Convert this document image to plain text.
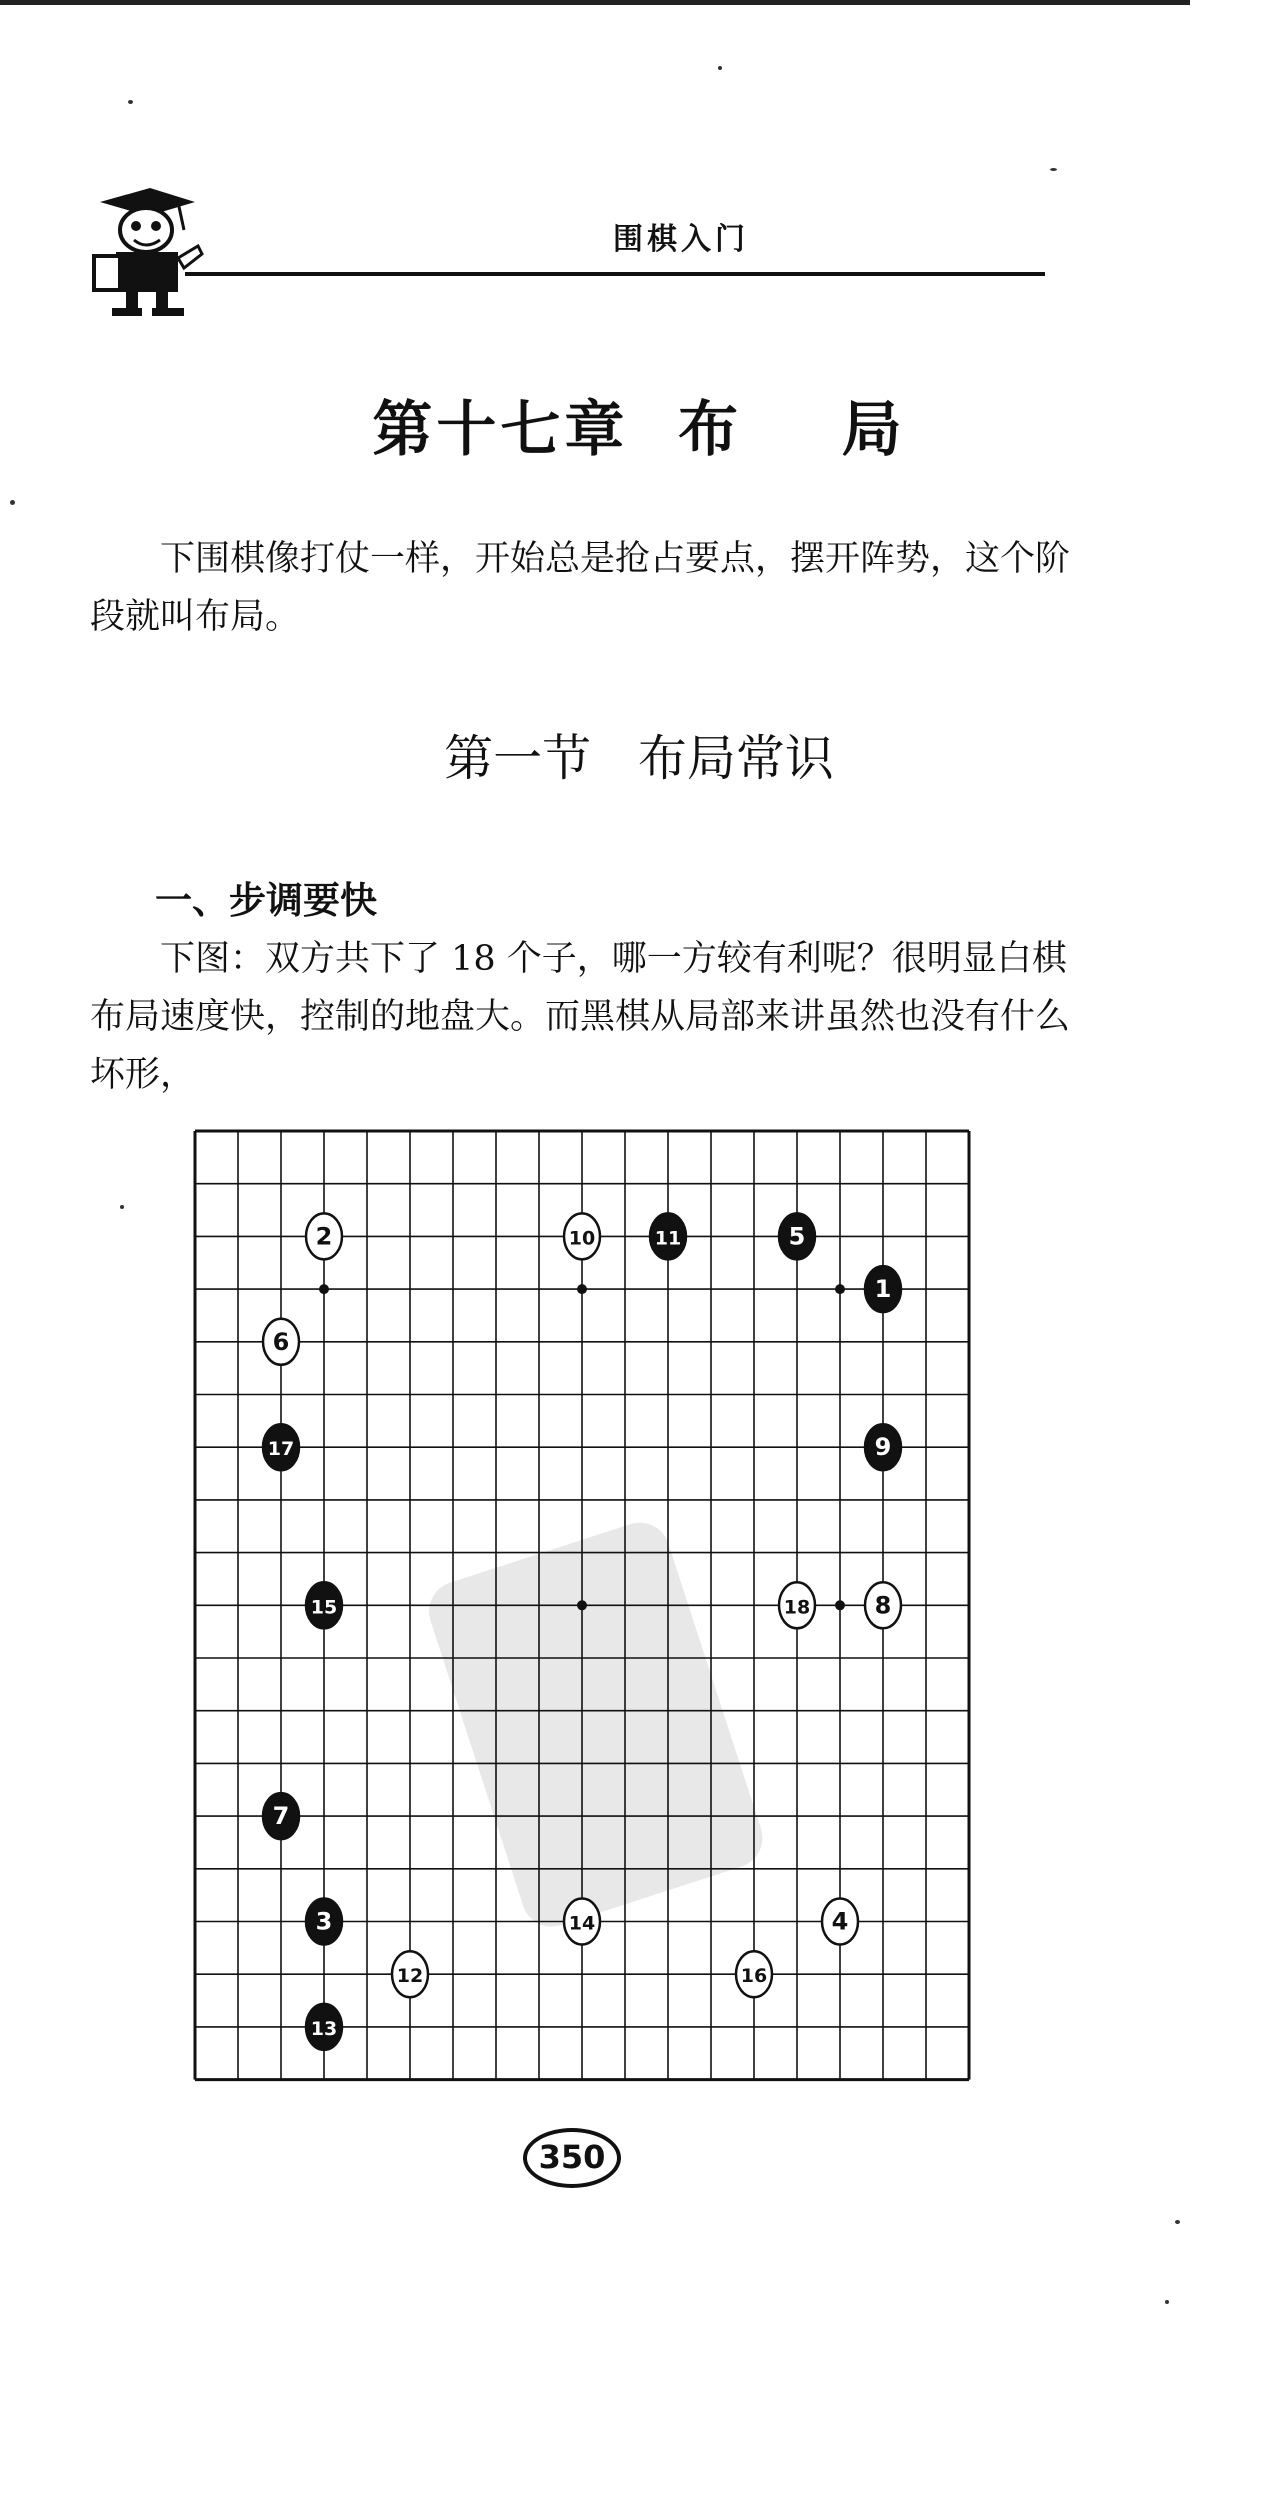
围棋入门
第十七章  布    局
下围棋像打仗一样，开始总是抢占要点，摆开阵势，这个阶段就叫布局。
第一节   布局常识
一、步调要快
下图：双方共下了 18 个子，哪一方较有利呢？很明显白棋布局速度快，控制的地盘大。而黑棋从局部来讲虽然也没有什么坏形，
1
2
3	4
5
6
7
8
9
10	11
12
13
14
15
16
17
18
350
